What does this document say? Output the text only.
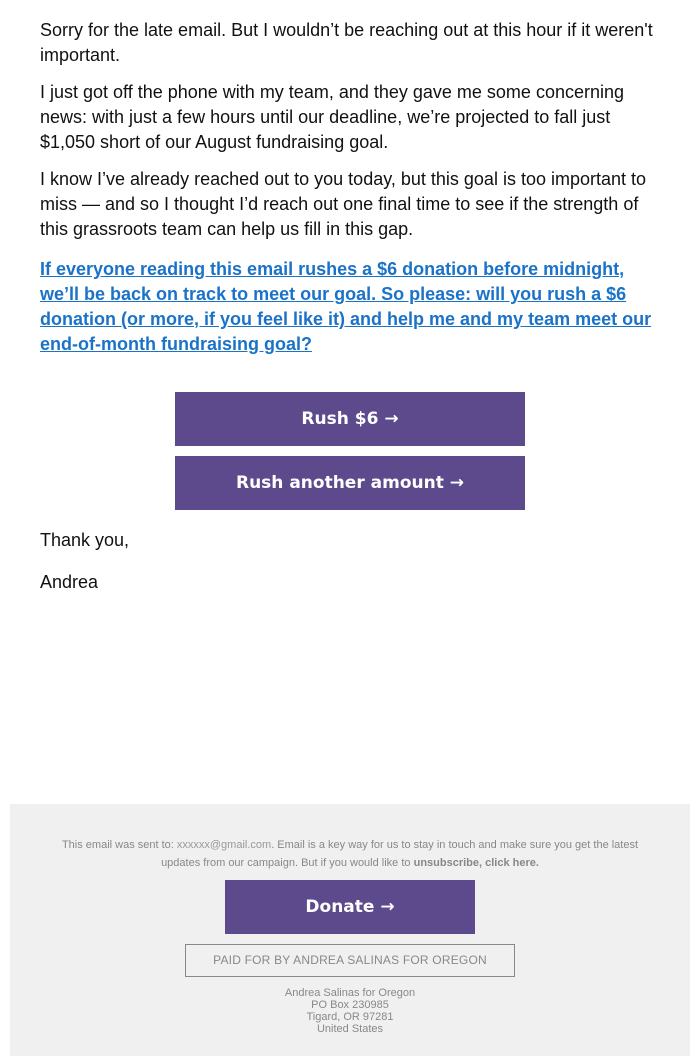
Sorry for the late email. But I wouldn’t be reaching out at this hour if it weren't important.

I just got off the phone with my team, and they gave me some concerning news: with just a few hours until our deadline, we’re projected to fall just $1,050 short of our August fundraising goal.

I know I’ve already reached out to you today, but this goal is too important to miss — and so I thought I’d reach out one final time to see if the strength of this grassroots team can help us fill in this gap.

If everyone reading this email rushes a $6 donation before midnight, we’ll be back on track to meet our goal. So please: will you rush a $6 donation (or more, if you feel like it) and help me and my team meet our end-of-month fundraising goal?
Rush $6 →
Rush another amount →

Thank you,

Andrea

This email was sent to: xxxxxx@gmail.com. Email is a key way for us to stay in touch and make sure you get the latest updates from our campaign. But if you would like to unsubscribe, click here.
Donate →
PAID FOR BY ANDREA SALINAS FOR OREGON
Andrea Salinas for Oregon
PO Box 230985
Tigard, OR 97281
United States
